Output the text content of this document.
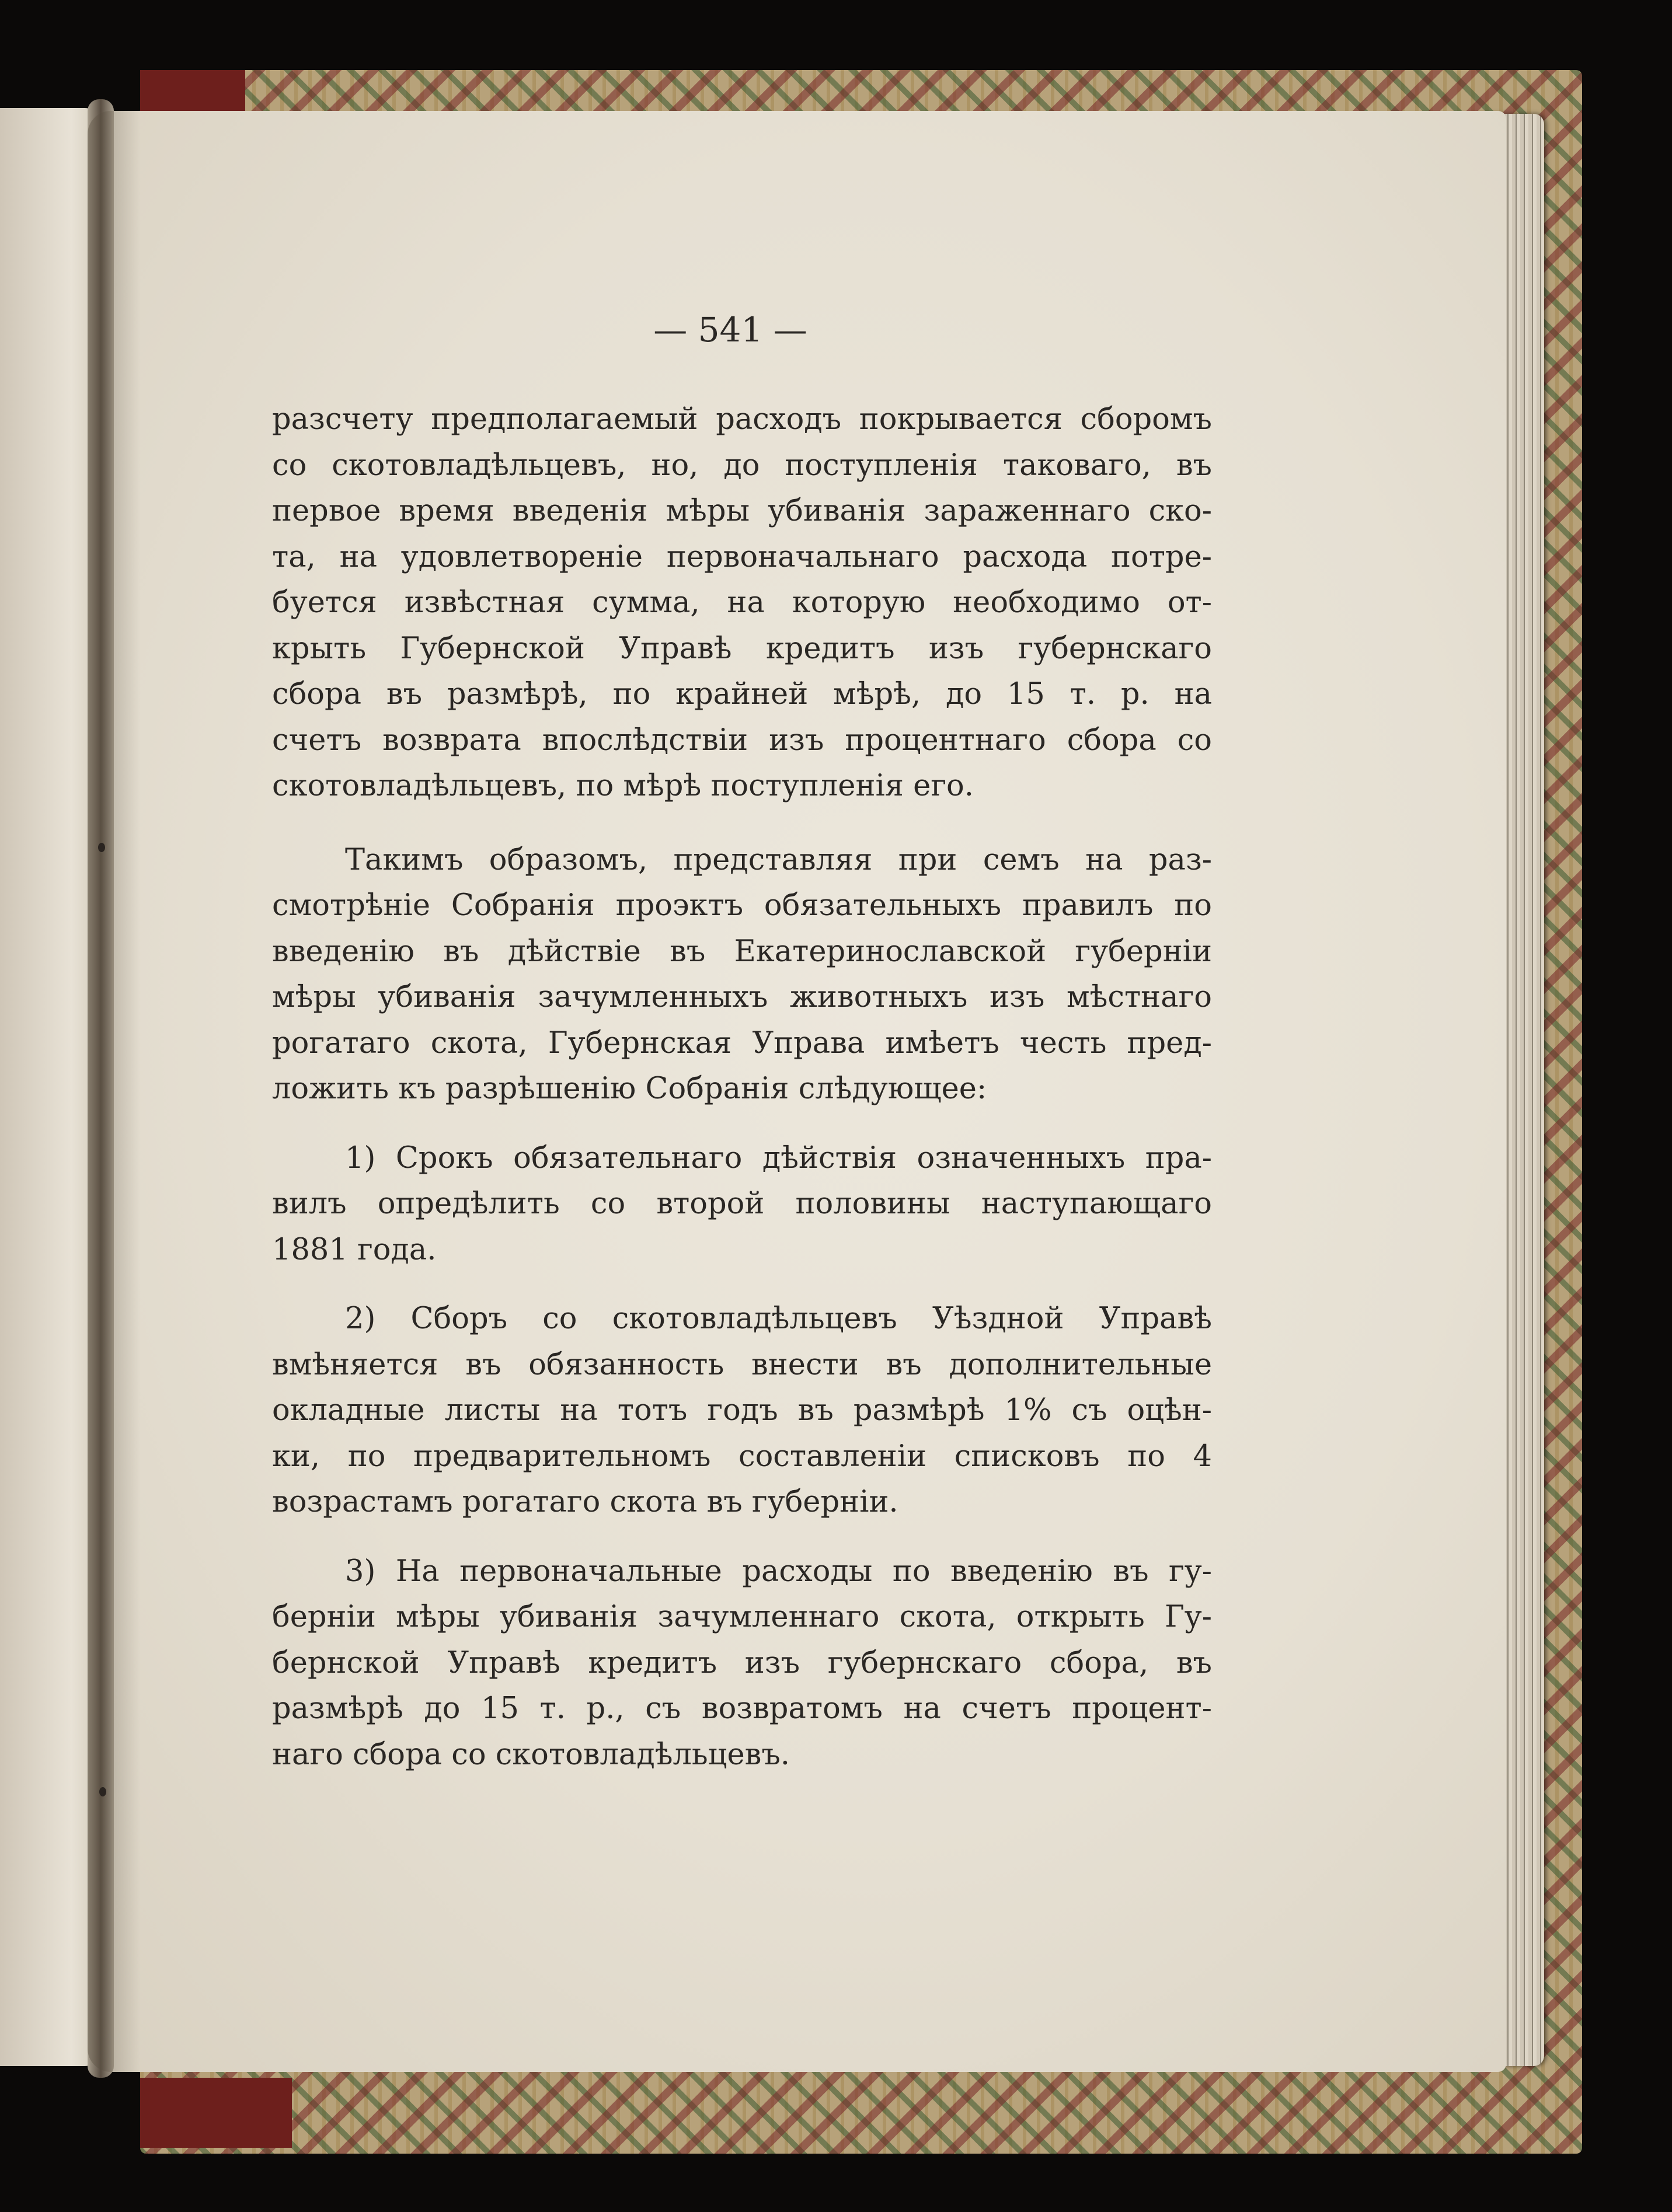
— 541 —

разсчету предполагаемый расходъ покрывается сборомъ
со скотовладѣльцевъ, но, до поступленія таковаго, въ
первое время введенія мѣры убиванія зараженнаго ско-
та, на удовлетвореніе первоначальнаго расхода потре-
буется извѣстная сумма, на которую необходимо от-
крыть Губернской Управѣ кредитъ изъ губернскаго
сбора въ размѣрѣ, по крайней мѣрѣ, до 15 т. р. на
счетъ возврата впослѣдствіи изъ процентнаго сбора со
скотовладѣльцевъ, по мѣрѣ поступленія его.

Такимъ образомъ, представляя при семъ на раз-
смотрѣніе Собранія проэктъ обязательныхъ правилъ по
введенію въ дѣйствіе въ Екатеринославской губерніи
мѣры убиванія зачумленныхъ животныхъ изъ мѣстнаго
рогатаго скота, Губернская Управа имѣетъ честь пред-
ложить къ разрѣшенію Собранія слѣдующее:

1) Срокъ обязательнаго дѣйствія означенныхъ пра-
вилъ опредѣлить со второй половины наступающаго
1881 года.

2) Сборъ со скотовладѣльцевъ Уѣздной Управѣ
вмѣняется въ обязанность внести въ дополнительные
окладные листы на тотъ годъ въ размѣрѣ 1% съ оцѣн-
ки, по предварительномъ составленіи списковъ по 4
возрастамъ рогатаго скота въ губерніи.

3) На первоначальные расходы по введенію въ гу-
берніи мѣры убиванія зачумленнаго скота, открыть Гу-
бернской Управѣ кредитъ изъ губернскаго сбора, въ
размѣрѣ до 15 т. р., съ возвратомъ на счетъ процент-
наго сбора со скотовладѣльцевъ.
